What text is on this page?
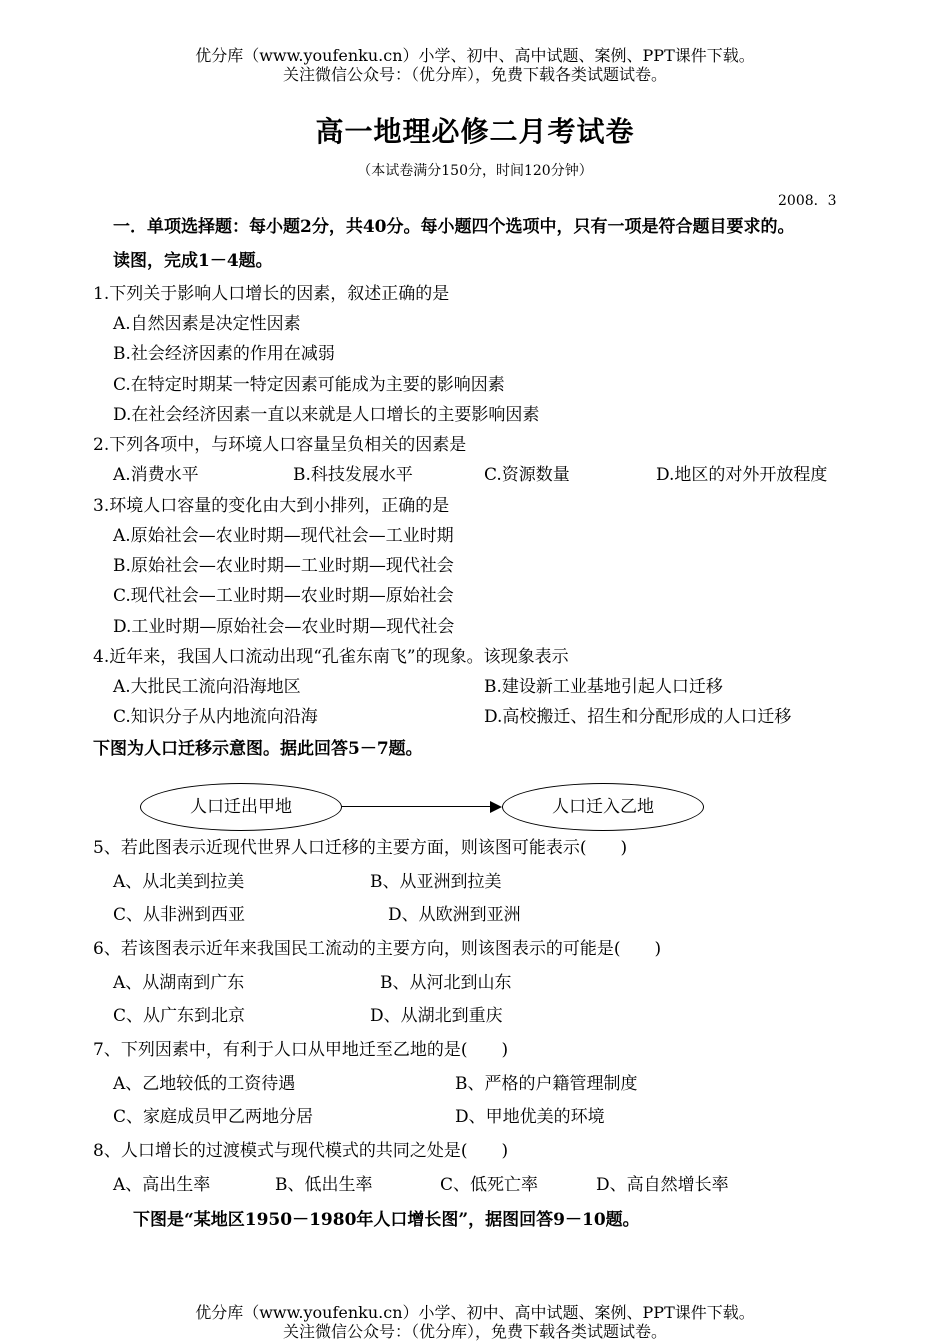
优分库（www.youfenku.cn）小学、初中、高中试题、案例、PPT课件下载。
关注微信公众号：（优分库），免费下载各类试题试卷。
高一地理必修二月考试卷
（本试卷满分150分，时间120分钟）
2008．3
一．单项选择题：每小题2分，共40分。每小题四个选项中，只有一项是符合题目要求的。
读图，完成1－4题。
1.下列关于影响人口增长的因素，叙述正确的是
A.自然因素是决定性因素
B.社会经济因素的作用在减弱
C.在特定时期某一特定因素可能成为主要的影响因素
D.在社会经济因素一直以来就是人口增长的主要影响因素
2.下列各项中，与环境人口容量呈负相关的因素是
A.消费水平	B.科技发展水平	C.资源数量	D.地区的对外开放程度
3.环境人口容量的变化由大到小排列，正确的是
A.原始社会—农业时期—现代社会—工业时期
B.原始社会—农业时期—工业时期—现代社会
C.现代社会—工业时期—农业时期—原始社会
D.工业时期—原始社会—农业时期—现代社会
4.近年来，我国人口流动出现“孔雀东南飞”的现象。该现象表示
A.大批民工流向沿海地区	B.建设新工业基地引起人口迁移
C.知识分子从内地流向沿海	D.高校搬迁、招生和分配形成的人口迁移
下图为人口迁移示意图。据此回答5－7题。
人口迁出甲地	人口迁入乙地
5、若此图表示近现代世界人口迁移的主要方面，则该图可能表示(　　)
A、从北美到拉美	B、从亚洲到拉美
C、从非洲到西亚	D、从欧洲到亚洲
6、若该图表示近年来我国民工流动的主要方向，则该图表示的可能是(　　)
A、从湖南到广东	B、从河北到山东
C、从广东到北京	D、从湖北到重庆
7、下列因素中，有利于人口从甲地迁至乙地的是(　　)
A、乙地较低的工资待遇	B、严格的户籍管理制度
C、家庭成员甲乙两地分居	D、甲地优美的环境
8、人口增长的过渡模式与现代模式的共同之处是(　　)
A、高出生率	B、低出生率	C、低死亡率	D、高自然增长率
下图是“某地区1950－1980年人口增长图”，据图回答9－10题。
优分库（www.youfenku.cn）小学、初中、高中试题、案例、PPT课件下载。
关注微信公众号：（优分库），免费下载各类试题试卷。
